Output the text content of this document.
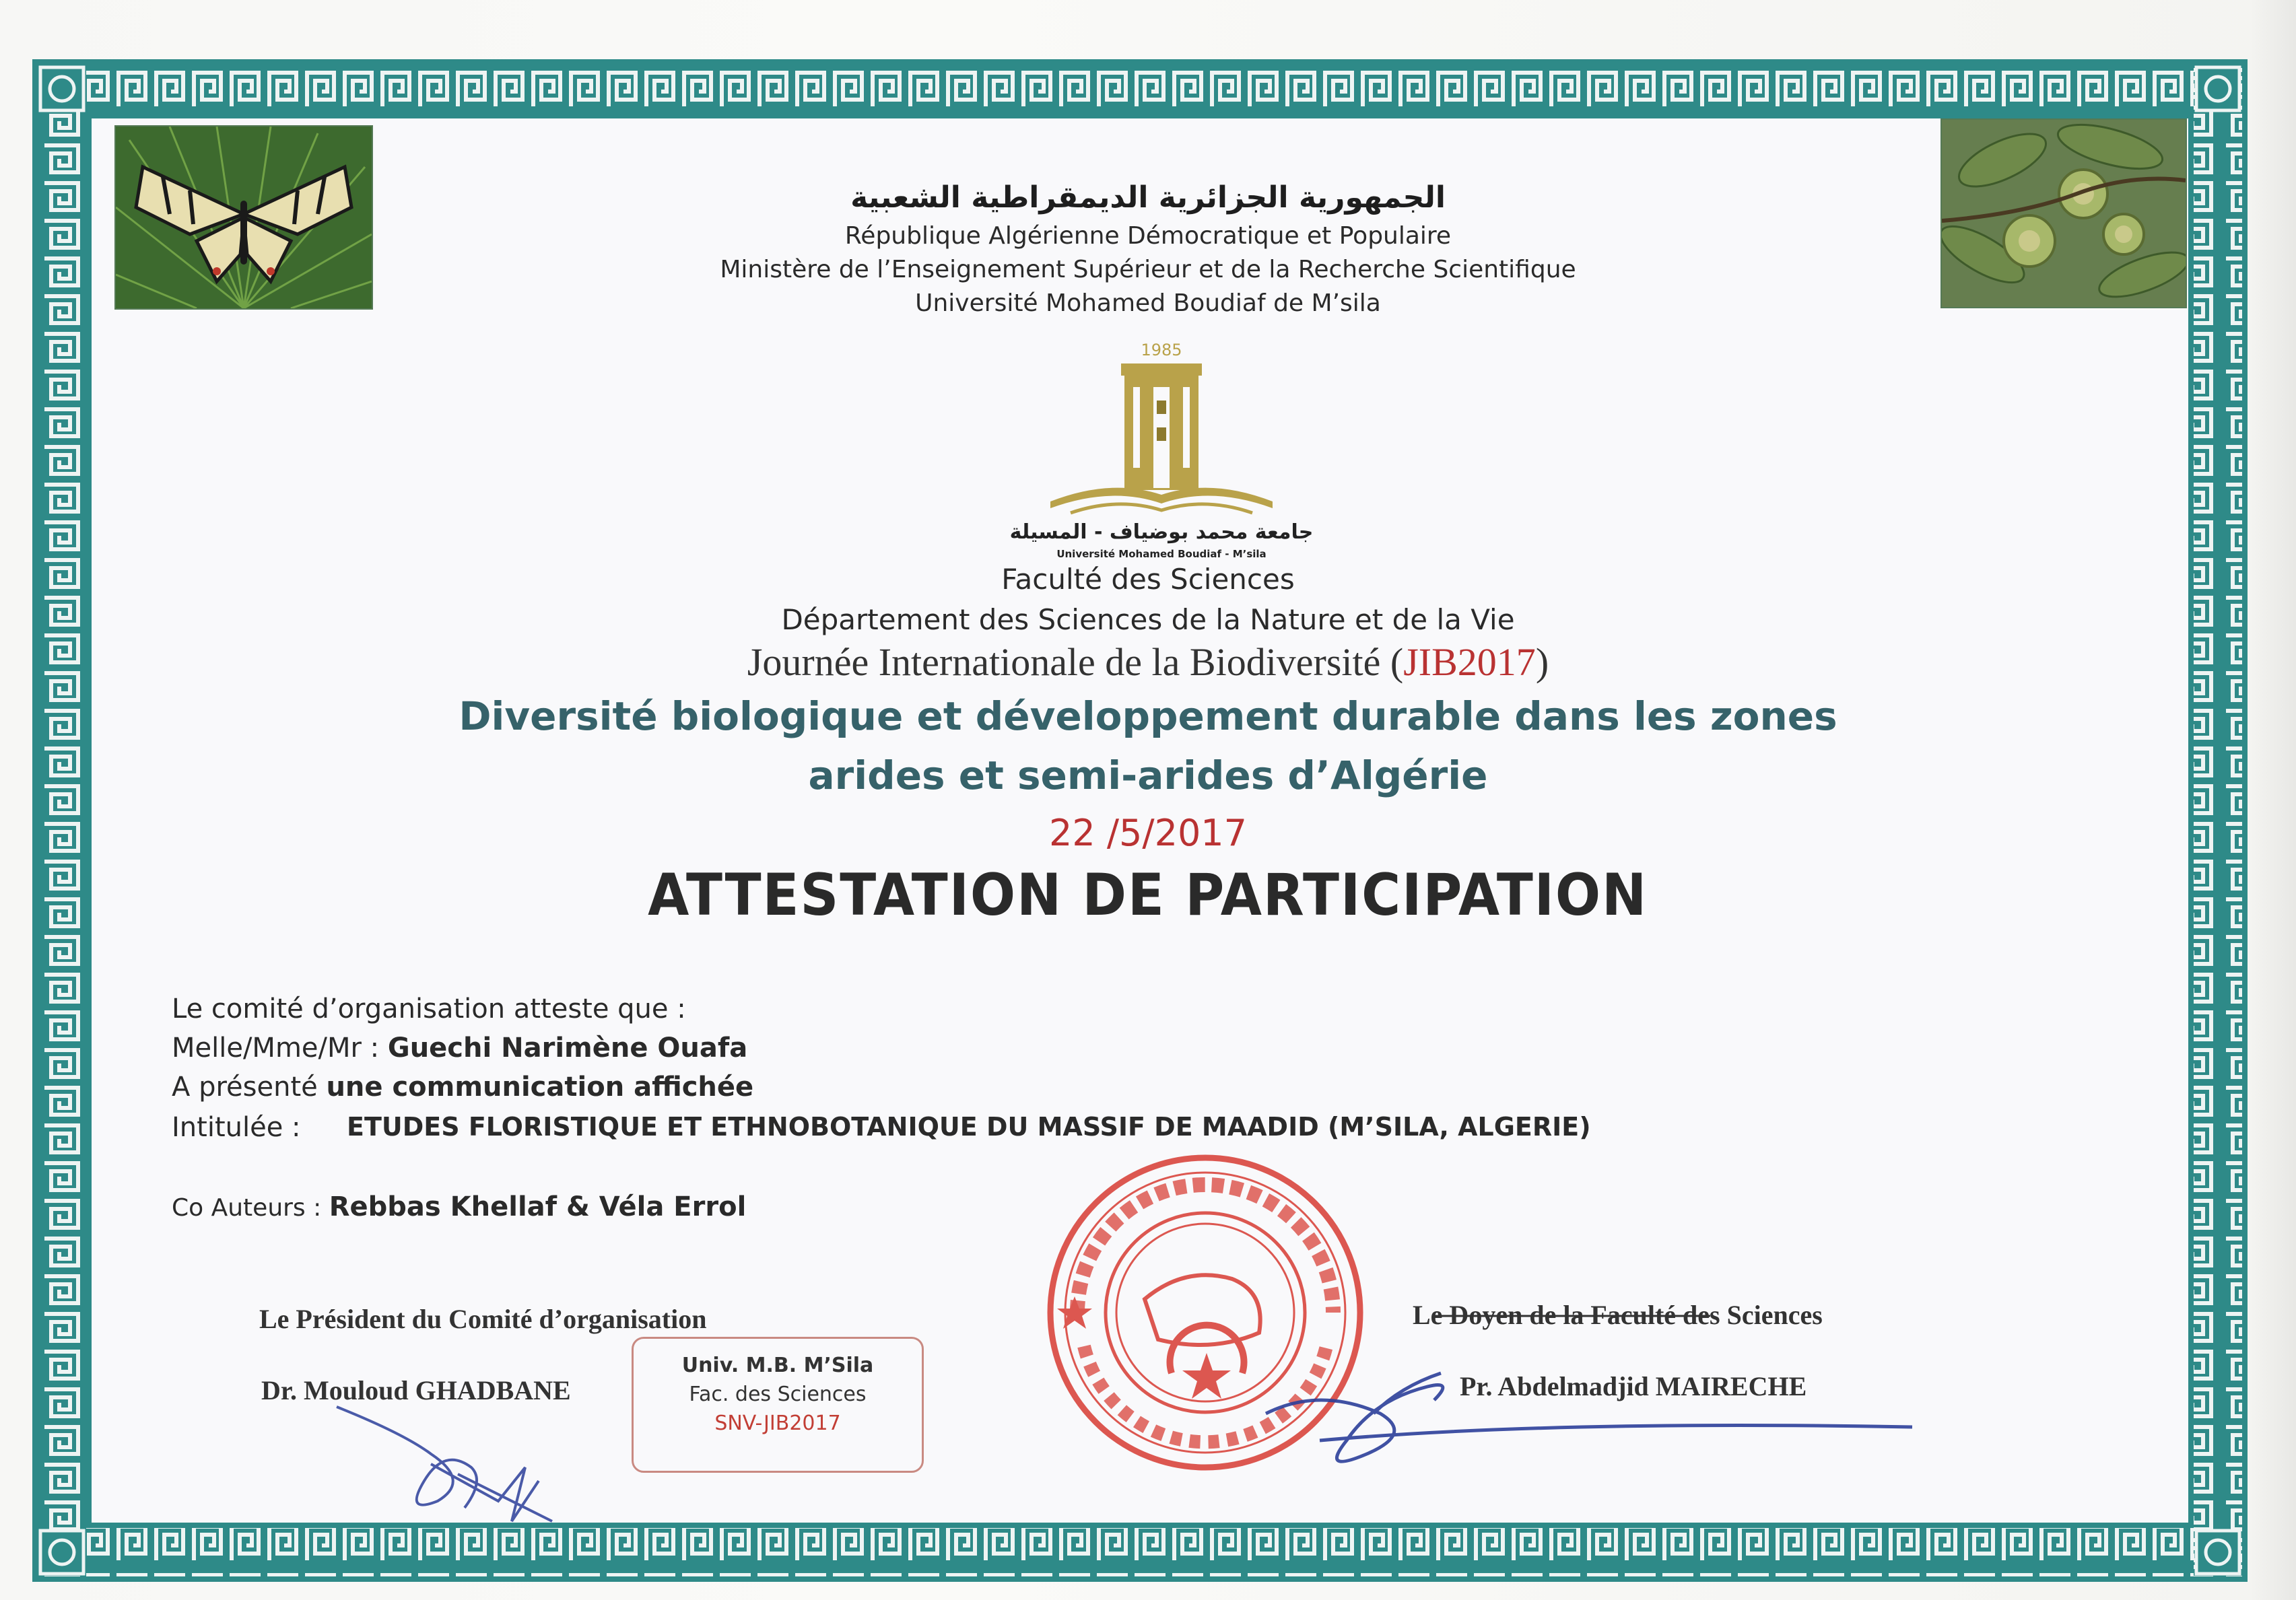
الجمهورية الجزائرية الديمقراطية الشعبية
République Algérienne Démocratique et Populaire
Ministère de l’Enseignement Supérieur et de la Recherche Scientifique
Université Mohamed Boudiaf de M’sila
1985
جامعة محمد بوضياف - المسيلة
Université Mohamed Boudiaf - M’sila
Faculté des Sciences
Département des Sciences de la Nature et de la Vie
Journée Internationale de la Biodiversité (JIB2017)
Diversité biologique et développement durable dans les zones
arides et semi-arides d’Algérie
22 /5/2017
ATTESTATION DE PARTICIPATION
Le comité d’organisation atteste que :
Melle/Mme/Mr : Guechi Narimène Ouafa
A présenté une communication affichée
Intitulée : ETUDES FLORISTIQUE ET ETHNOBOTANIQUE DU MASSIF DE MAADID (M’SILA, ALGERIE)
Co Auteurs : Rebbas Khellaf & Véla Errol
Le Président du Comité d’organisation
Dr. Mouloud GHADBANE
Le Doyen de la Faculté des Sciences
Pr. Abdelmadjid MAIRECHE
Univ. M.B. M’Sila
Fac. des Sciences
SNV-JIB2017
